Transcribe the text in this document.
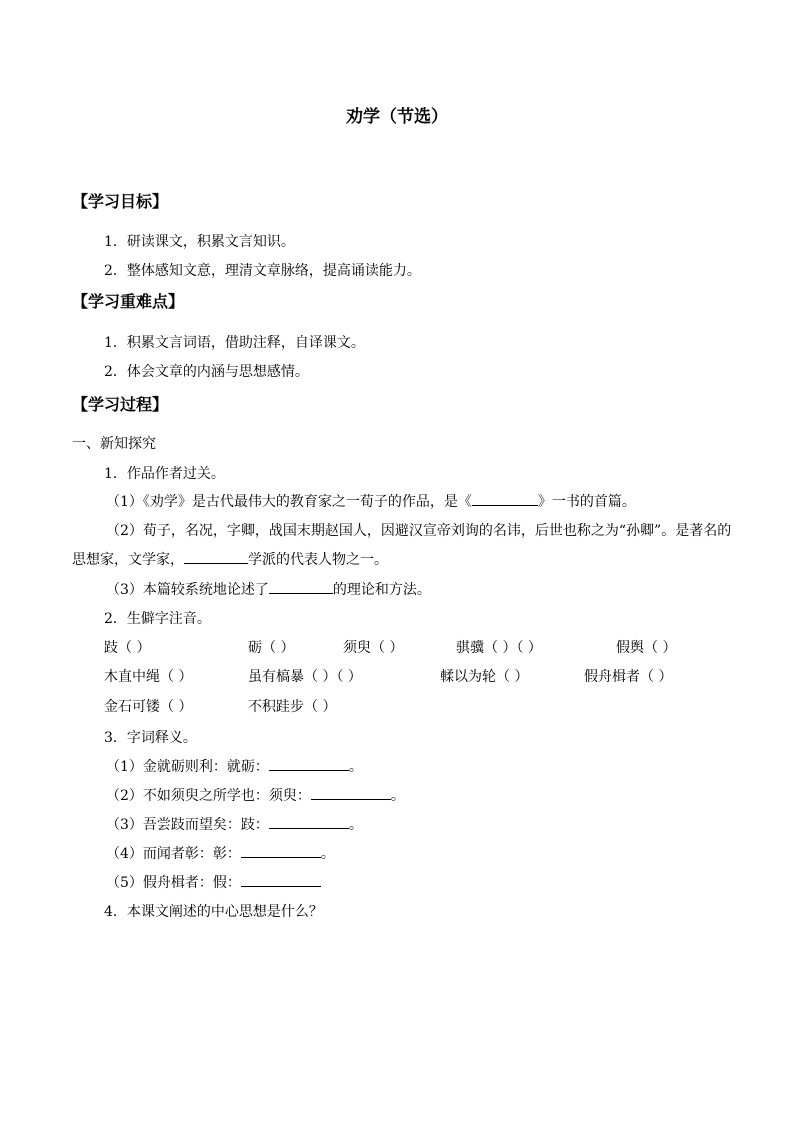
劝学（节选）
【学习目标】
1．研读课文，积累文言知识。
2．整体感知文意，理清文章脉络，提高诵读能力。
【学习重难点】
1．积累文言词语，借助注释，自译课文。
2．体会文章的内涵与思想感情。
【学习过程】
一、新知探究
1．作品作者过关。
（1）《劝学》是古代最伟大的教育家之一荀子的作品，是《	》一书的首篇。
（2）荀子，名况，字卿，战国末期赵国人，因避汉宣帝刘询的名讳，后世也称之为“孙卿”。是著名的思想家，文学家，	学派的代表人物之一。
（3）本篇较系统地论述了	的理论和方法。
2．生僻字注音。
跂（ ）	砺（ ）	须臾（ ）	骐骥（ ）（ ）	假舆（ ）
木直中绳（ ）	虽有槁暴（ ）（ ）	輮以为轮（ ）	假舟楫者（ ）
金石可镂（ ）	不积跬步（ ）
3．字词释义。
（1）金就砺则利：就砺：	。
（2）不如须臾之所学也：须臾：	。
（3）吾尝跂而望矣：跂：	。
（4）而闻者彰：彰：	。
（5）假舟楫者：假：
4．本课文阐述的中心思想是什么？
